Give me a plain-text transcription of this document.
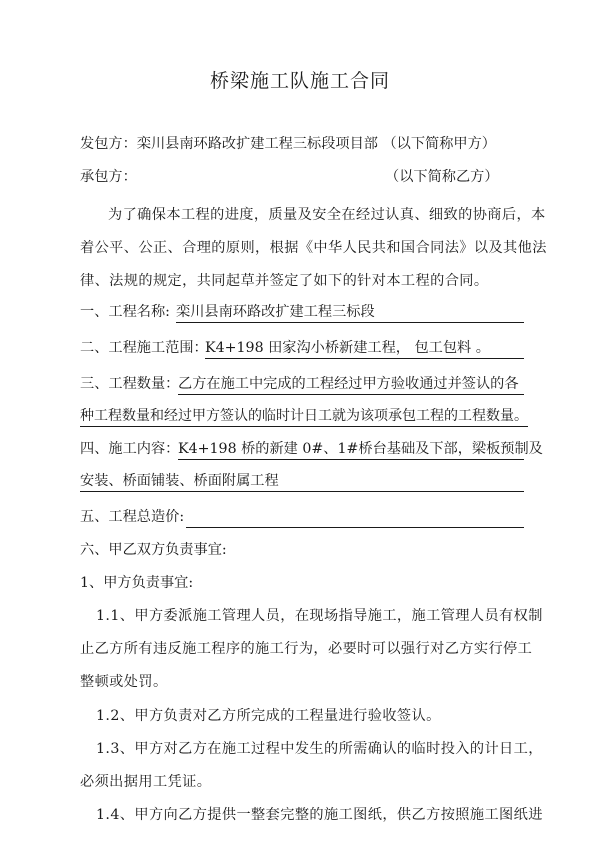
桥梁施工队施工合同
发包方：栾川县南环路改扩建工程三标段项目部 （以下简称甲方）
承包方：	（以下简称乙方）
为了确保本工程的进度，质量及安全在经过认真、细致的协商后，本
着公平、公正、合理的原则，根据《中华人民共和国合同法》以及其他法
律、法规的规定，共同起草并签定了如下的针对本工程的合同。
一、工程名称: 栾川县南环路改扩建工程三标段
二、工程施工范围：
K4+198 田家沟小桥新建工程， 包工包料 。
三、工程数量：
乙方在施工中完成的工程经过甲方验收通过并签认的各
种工程数量和经过甲方签认的临时计日工就为该项承包工程的工程数量。
四、施工内容：
K4+198 桥的新建 0#、1#桥台基础及下部，梁板预制及
安装、桥面铺装、桥面附属工程
五、工程总造价:
六、甲乙双方负责事宜:
1、甲方负责事宜:
1.1、甲方委派施工管理人员，在现场指导施工，施工管理人员有权制
止乙方所有违反施工程序的施工行为，必要时可以强行对乙方实行停工
整顿或处罚。
1.2、甲方负责对乙方所完成的工程量进行验收签认。
1.3、甲方对乙方在施工过程中发生的所需确认的临时投入的计日工，
必须出据用工凭证。
1.4、甲方向乙方提供一整套完整的施工图纸，供乙方按照施工图纸进
